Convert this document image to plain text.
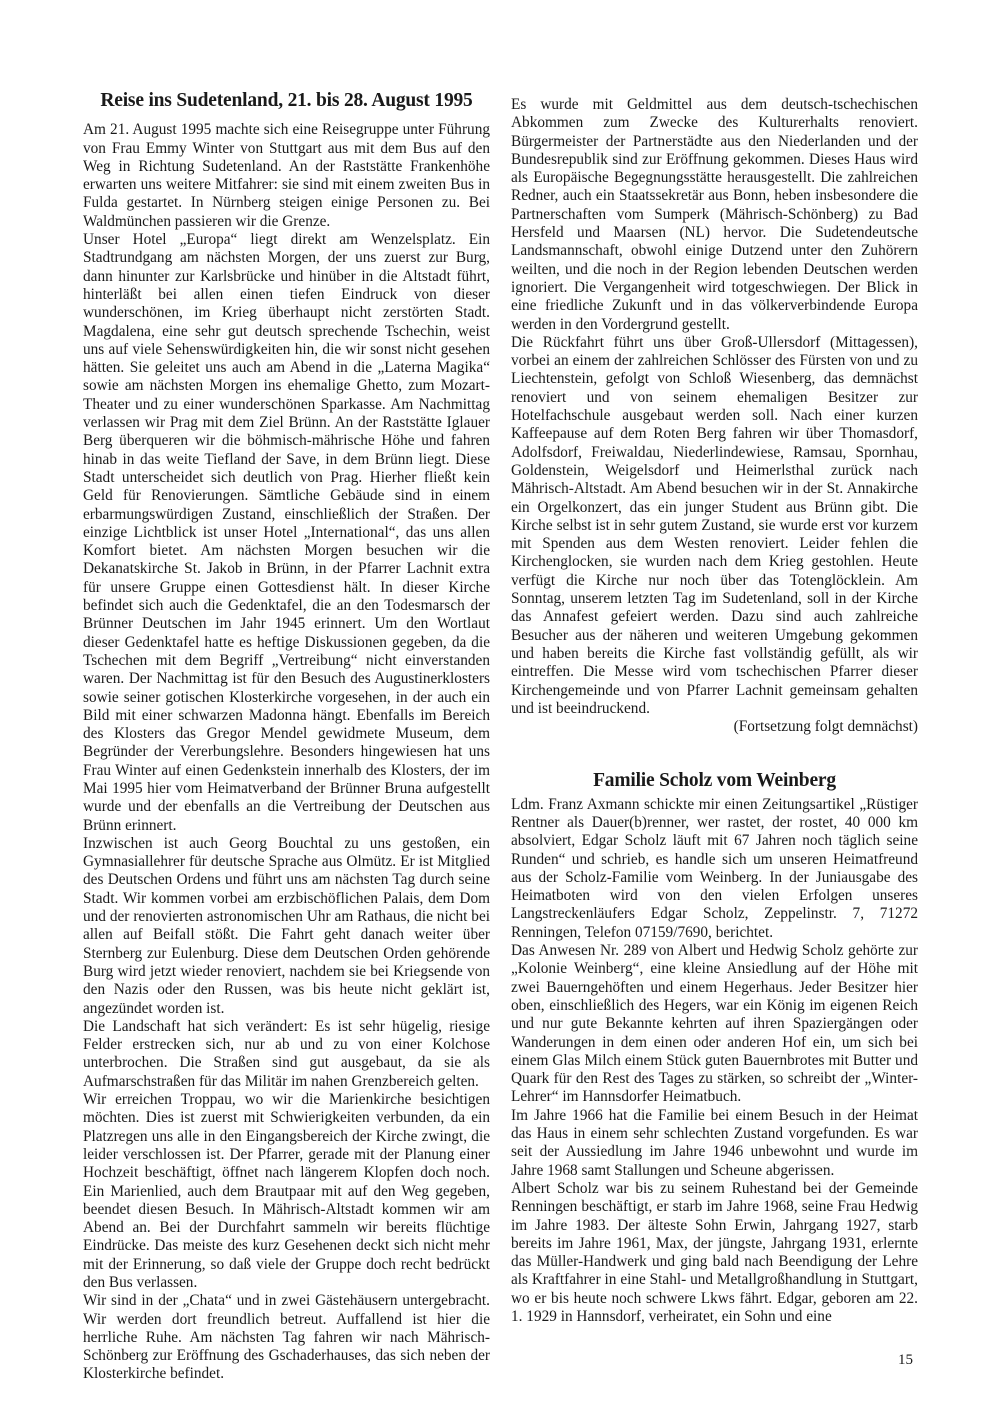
Reise ins Sudetenland, 21. bis 28. August 1995

Am 21. August 1995 machte sich eine Reisegruppe unter Führung von Frau Emmy Winter von Stuttgart aus mit dem Bus auf den Weg in Richtung Sudetenland. An der Raststätte Frankenhöhe erwarten uns weitere Mitfahrer: sie sind mit einem zweiten Bus in Fulda gestartet. In Nürnberg steigen einige Personen zu. Bei Waldmünchen passieren wir die Grenze.

Unser Hotel „Europa“ liegt direkt am Wenzelsplatz. Ein Stadtrundgang am nächsten Morgen, der uns zuerst zur Burg, dann hinunter zur Karlsbrücke und hinüber in die Altstadt führt, hinterläßt bei allen einen tiefen Eindruck von dieser wunderschönen, im Krieg überhaupt nicht zerstörten Stadt. Magdalena, eine sehr gut deutsch sprechende Tschechin, weist uns auf viele Sehenswürdigkeiten hin, die wir sonst nicht gesehen hätten. Sie geleitet uns auch am Abend in die „Laterna Magika“ sowie am nächsten Morgen ins ehemalige Ghetto, zum Mozart-Theater und zu einer wunderschönen Sparkasse. Am Nachmittag verlassen wir Prag mit dem Ziel Brünn. An der Raststätte Iglauer Berg überqueren wir die böhmisch-mährische Höhe und fahren hinab in das weite Tiefland der Save, in dem Brünn liegt. Diese Stadt unterscheidet sich deutlich von Prag. Hierher fließt kein Geld für Renovierungen. Sämtliche Gebäude sind in einem erbarmungswürdigen Zustand, einschließlich der Straßen. Der einzige Lichtblick ist unser Hotel „International“, das uns allen Komfort bietet. Am nächsten Morgen besuchen wir die Dekanatskirche St. Jakob in Brünn, in der Pfarrer Lachnit extra für unsere Gruppe einen Gottesdienst hält. In dieser Kirche befindet sich auch die Gedenktafel, die an den Todesmarsch der Brünner Deutschen im Jahr 1945 erinnert. Um den Wortlaut dieser Gedenktafel hatte es heftige Diskussionen gegeben, da die Tschechen mit dem Begriff „Vertreibung“ nicht einverstanden waren. Der Nachmittag ist für den Besuch des Augustinerklosters sowie seiner gotischen Klosterkirche vorgesehen, in der auch ein Bild mit einer schwarzen Madonna hängt. Ebenfalls im Bereich des Klosters das Gregor Mendel gewidmete Museum, dem Begründer der Vererbungslehre. Besonders hingewiesen hat uns Frau Winter auf einen Gedenkstein innerhalb des Klosters, der im Mai 1995 hier vom Heimatverband der Brünner Bruna aufgestellt wurde und der ebenfalls an die Vertreibung der Deutschen aus Brünn erinnert.

Inzwischen ist auch Georg Bouchtal zu uns gestoßen, ein Gymnasiallehrer für deutsche Sprache aus Olmütz. Er ist Mitglied des Deutschen Ordens und führt uns am nächsten Tag durch seine Stadt. Wir kommen vorbei am erzbischöflichen Palais, dem Dom und der renovierten astronomischen Uhr am Rathaus, die nicht bei allen auf Beifall stößt. Die Fahrt geht danach weiter über Sternberg zur Eulenburg. Diese dem Deutschen Orden gehörende Burg wird jetzt wieder renoviert, nachdem sie bei Kriegsende von den Nazis oder den Russen, was bis heute nicht geklärt ist, angezündet worden ist.

Die Landschaft hat sich verändert: Es ist sehr hügelig, riesige Felder erstrecken sich, nur ab und zu von einer Kolchose unterbrochen. Die Straßen sind gut ausgebaut, da sie als Aufmarschstraßen für das Militär im nahen Grenzbereich gelten.

Wir erreichen Troppau, wo wir die Marienkirche besichtigen möchten. Dies ist zuerst mit Schwierigkeiten verbunden, da ein Platzregen uns alle in den Eingangsbereich der Kirche zwingt, die leider verschlossen ist. Der Pfarrer, gerade mit der Planung einer Hochzeit beschäftigt, öffnet nach längerem Klopfen doch noch. Ein Marienlied, auch dem Brautpaar mit auf den Weg gegeben, beendet diesen Besuch. In Mährisch-Altstadt kommen wir am Abend an. Bei der Durchfahrt sammeln wir bereits flüchtige Eindrücke. Das meiste des kurz Gesehenen deckt sich nicht mehr mit der Erinnerung, so daß viele der Gruppe doch recht bedrückt den Bus verlassen.

Wir sind in der „Chata“ und in zwei Gästehäusern untergebracht. Wir werden dort freundlich betreut. Auffallend ist hier die herrliche Ruhe. Am nächsten Tag fahren wir nach Mährisch-Schönberg zur Eröffnung des Gschaderhauses, das sich neben der Klosterkirche befindet.

Es wurde mit Geldmittel aus dem deutsch-tschechischen Abkommen zum Zwecke des Kulturerhalts renoviert. Bürgermeister der Partnerstädte aus den Niederlanden und der Bundesrepublik sind zur Eröffnung gekommen. Dieses Haus wird als Europäische Begegnungsstätte herausgestellt. Die zahlreichen Redner, auch ein Staatssekretär aus Bonn, heben insbesondere die Partnerschaften vom Sumperk (Mährisch-Schönberg) zu Bad Hersfeld und Maarsen (NL) hervor. Die Sudetendeutsche Landsmannschaft, obwohl einige Dutzend unter den Zuhörern weilten, und die noch in der Region lebenden Deutschen werden ignoriert. Die Vergangenheit wird totgeschwiegen. Der Blick in eine friedliche Zukunft und in das völkerverbindende Europa werden in den Vordergrund gestellt.

Die Rückfahrt führt uns über Groß-Ullersdorf (Mittagessen), vorbei an einem der zahlreichen Schlösser des Fürsten von und zu Liechtenstein, gefolgt von Schloß Wiesenberg, das demnächst renoviert und von seinem ehemaligen Besitzer zur Hotelfachschule ausgebaut werden soll. Nach einer kurzen Kaffeepause auf dem Roten Berg fahren wir über Thomasdorf, Adolfsdorf, Freiwaldau, Niederlindewiese, Ramsau, Spornhau, Goldenstein, Weigelsdorf und Heimerlsthal zurück nach Mährisch-Altstadt. Am Abend besuchen wir in der St. Annakirche ein Orgelkonzert, das ein junger Student aus Brünn gibt. Die Kirche selbst ist in sehr gutem Zustand, sie wurde erst vor kurzem mit Spenden aus dem Westen renoviert. Leider fehlen die Kirchenglocken, sie wurden nach dem Krieg gestohlen. Heute verfügt die Kirche nur noch über das Totenglöcklein. Am Sonntag, unserem letzten Tag im Sudetenland, soll in der Kirche das Annafest gefeiert werden. Dazu sind auch zahlreiche Besucher aus der näheren und weiteren Umgebung gekommen und haben bereits die Kirche fast vollständig gefüllt, als wir eintreffen. Die Messe wird vom tschechischen Pfarrer dieser Kirchengemeinde und von Pfarrer Lachnit gemeinsam gehalten und ist beeindruckend.

(Fortsetzung folgt demnächst)

Familie Scholz vom Weinberg

Ldm. Franz Axmann schickte mir einen Zeitungsartikel „Rüstiger Rentner als Dauer(b)renner, wer rastet, der rostet, 40 000 km absolviert, Edgar Scholz läuft mit 67 Jahren noch täglich seine Runden“ und schrieb, es handle sich um unseren Heimatfreund aus der Scholz-Familie vom Weinberg. In der Juniausgabe des Heimatboten wird von den vielen Erfolgen unseres Langstreckenläufers Edgar Scholz, Zeppelinstr. 7, 71272 Renningen, Telefon 07159/7690, berichtet.

Das Anwesen Nr. 289 von Albert und Hedwig Scholz gehörte zur „Kolonie Weinberg“, eine kleine Ansiedlung auf der Höhe mit zwei Bauerngehöften und einem Hegerhaus. Jeder Besitzer hier oben, einschließlich des Hegers, war ein König im eigenen Reich und nur gute Bekannte kehrten auf ihren Spaziergängen oder Wanderungen in dem einen oder anderen Hof ein, um sich bei einem Glas Milch einem Stück guten Bauernbrotes mit Butter und Quark für den Rest des Tages zu stärken, so schreibt der „Winter-Lehrer“ im Hannsdorfer Heimatbuch.

Im Jahre 1966 hat die Familie bei einem Besuch in der Heimat das Haus in einem sehr schlechten Zustand vorgefunden. Es war seit der Aussiedlung im Jahre 1946 unbewohnt und wurde im Jahre 1968 samt Stallungen und Scheune abgerissen.

Albert Scholz war bis zu seinem Ruhestand bei der Gemeinde Renningen beschäftigt, er starb im Jahre 1968, seine Frau Hedwig im Jahre 1983. Der älteste Sohn Erwin, Jahrgang 1927, starb bereits im Jahre 1961, Max, der jüngste, Jahrgang 1931, erlernte das Müller-Handwerk und ging bald nach Beendigung der Lehre als Kraftfahrer in eine Stahl- und Metallgroßhandlung in Stuttgart, wo er bis heute noch schwere Lkws fährt. Edgar, geboren am 22. 1. 1929 in Hannsdorf, verheiratet, ein Sohn und eine

15
